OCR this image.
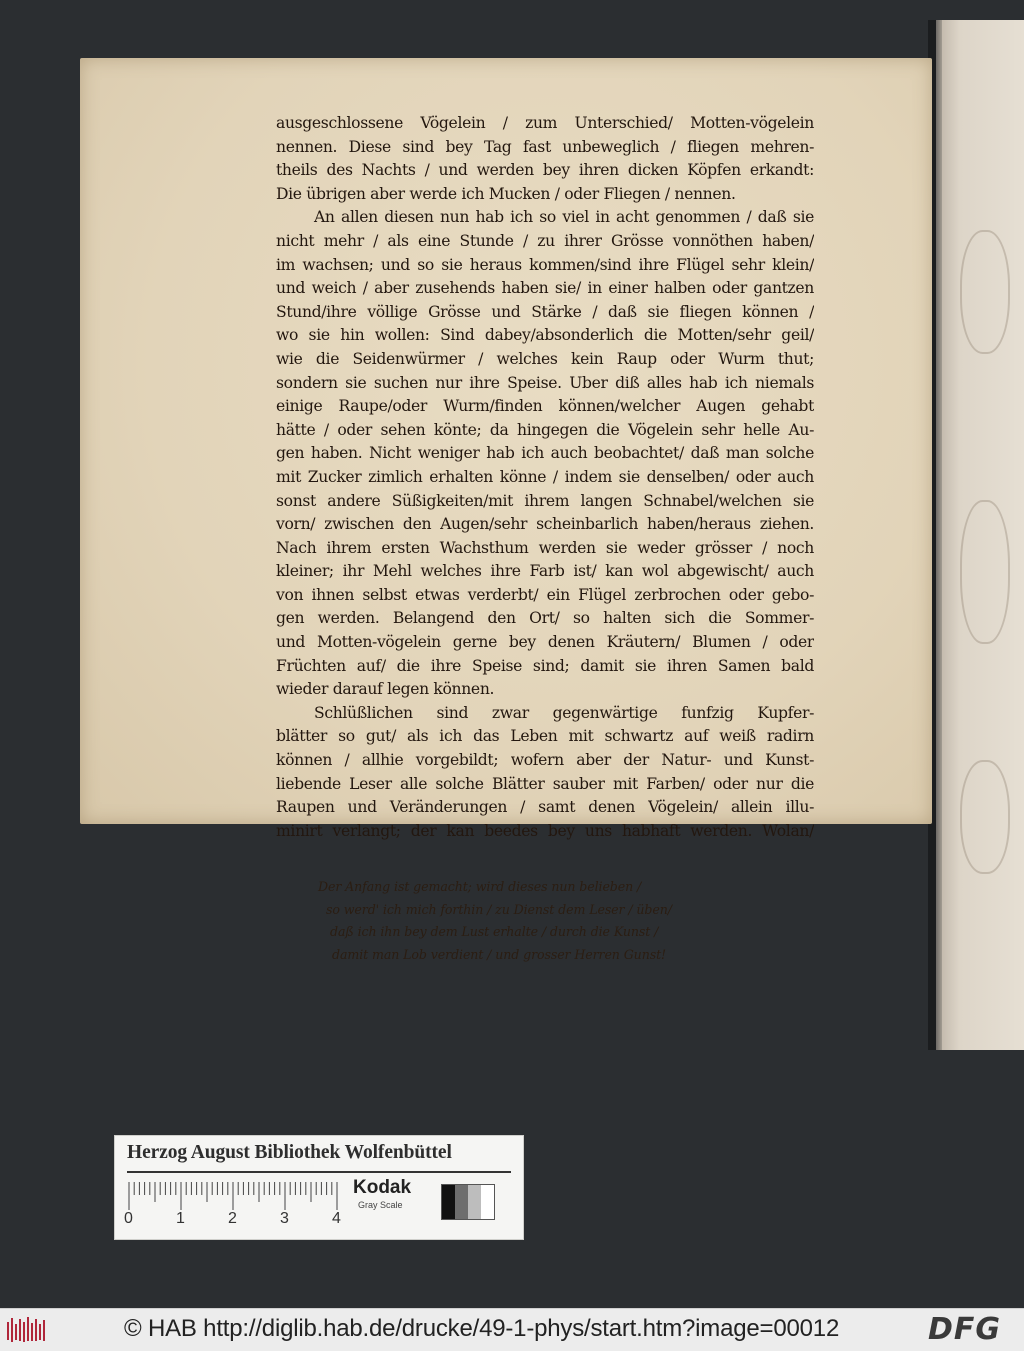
ausgeschlossene Vögelein / zum Unterschied/ Motten-vögelein
nennen. Diese sind bey Tag fast unbeweglich / fliegen mehren-
theils des Nachts / und werden bey ihren dicken Köpfen erkandt:
Die übrigen aber werde ich Mucken / oder Fliegen / nennen.
An allen diesen nun hab ich so viel in acht genommen / daß sie
nicht mehr / als eine Stunde / zu ihrer Grösse vonnöthen haben/
im wachsen; und so sie heraus kommen/sind ihre Flügel sehr klein/
und weich / aber zusehends haben sie/ in einer halben oder gantzen
Stund/ihre völlige Grösse und Stärke / daß sie fliegen können /
wo sie hin wollen: Sind dabey/absonderlich die Motten/sehr geil/
wie die Seidenwürmer / welches kein Raup oder Wurm thut;
sondern sie suchen nur ihre Speise. Uber diß alles hab ich niemals
einige Raupe/oder Wurm/finden können/welcher Augen gehabt
hätte / oder sehen könte; da hingegen die Vögelein sehr helle Au-
gen haben. Nicht weniger hab ich auch beobachtet/ daß man solche
mit Zucker zimlich erhalten könne / indem sie denselben/ oder auch
sonst andere Süßigkeiten/mit ihrem langen Schnabel/welchen sie
vorn/ zwischen den Augen/sehr scheinbarlich haben/heraus ziehen.
Nach ihrem ersten Wachsthum werden sie weder grösser / noch
kleiner; ihr Mehl welches ihre Farb ist/ kan wol abgewischt/ auch
von ihnen selbst etwas verderbt/ ein Flügel zerbrochen oder gebo-
gen werden. Belangend den Ort/ so halten sich die Sommer-
und Motten-vögelein gerne bey denen Kräutern/ Blumen / oder
Früchten auf/ die ihre Speise sind; damit sie ihren Samen bald
wieder darauf legen können.
Schlüßlichen sind zwar gegenwärtige funfzig Kupfer-
blätter so gut/ als ich das Leben mit schwartz auf weiß radirn
können / allhie vorgebildt; wofern aber der Natur- und Kunst-
liebende Leser alle solche Blätter sauber mit Farben/ oder nur die
Raupen und Veränderungen / samt denen Vögelein/ allein illu-
minirt verlangt; der kan beedes bey uns habhaft werden. Wolan/
Der Anfang ist gemacht; wird dieses nun belieben /
so werd' ich mich forthin / zu Dienst dem Leser / üben/
daß ich ihn bey dem Lust erhalte / durch die Kunst /
damit man Lob verdient / und grosser Herren Gunst!
Herzog August Bibliothek Wolfenbüttel
0	1	2	3	4
Kodak
Gray Scale
© HAB http://diglib.hab.de/drucke/49-1-phys/start.htm?image=00012	DFG
